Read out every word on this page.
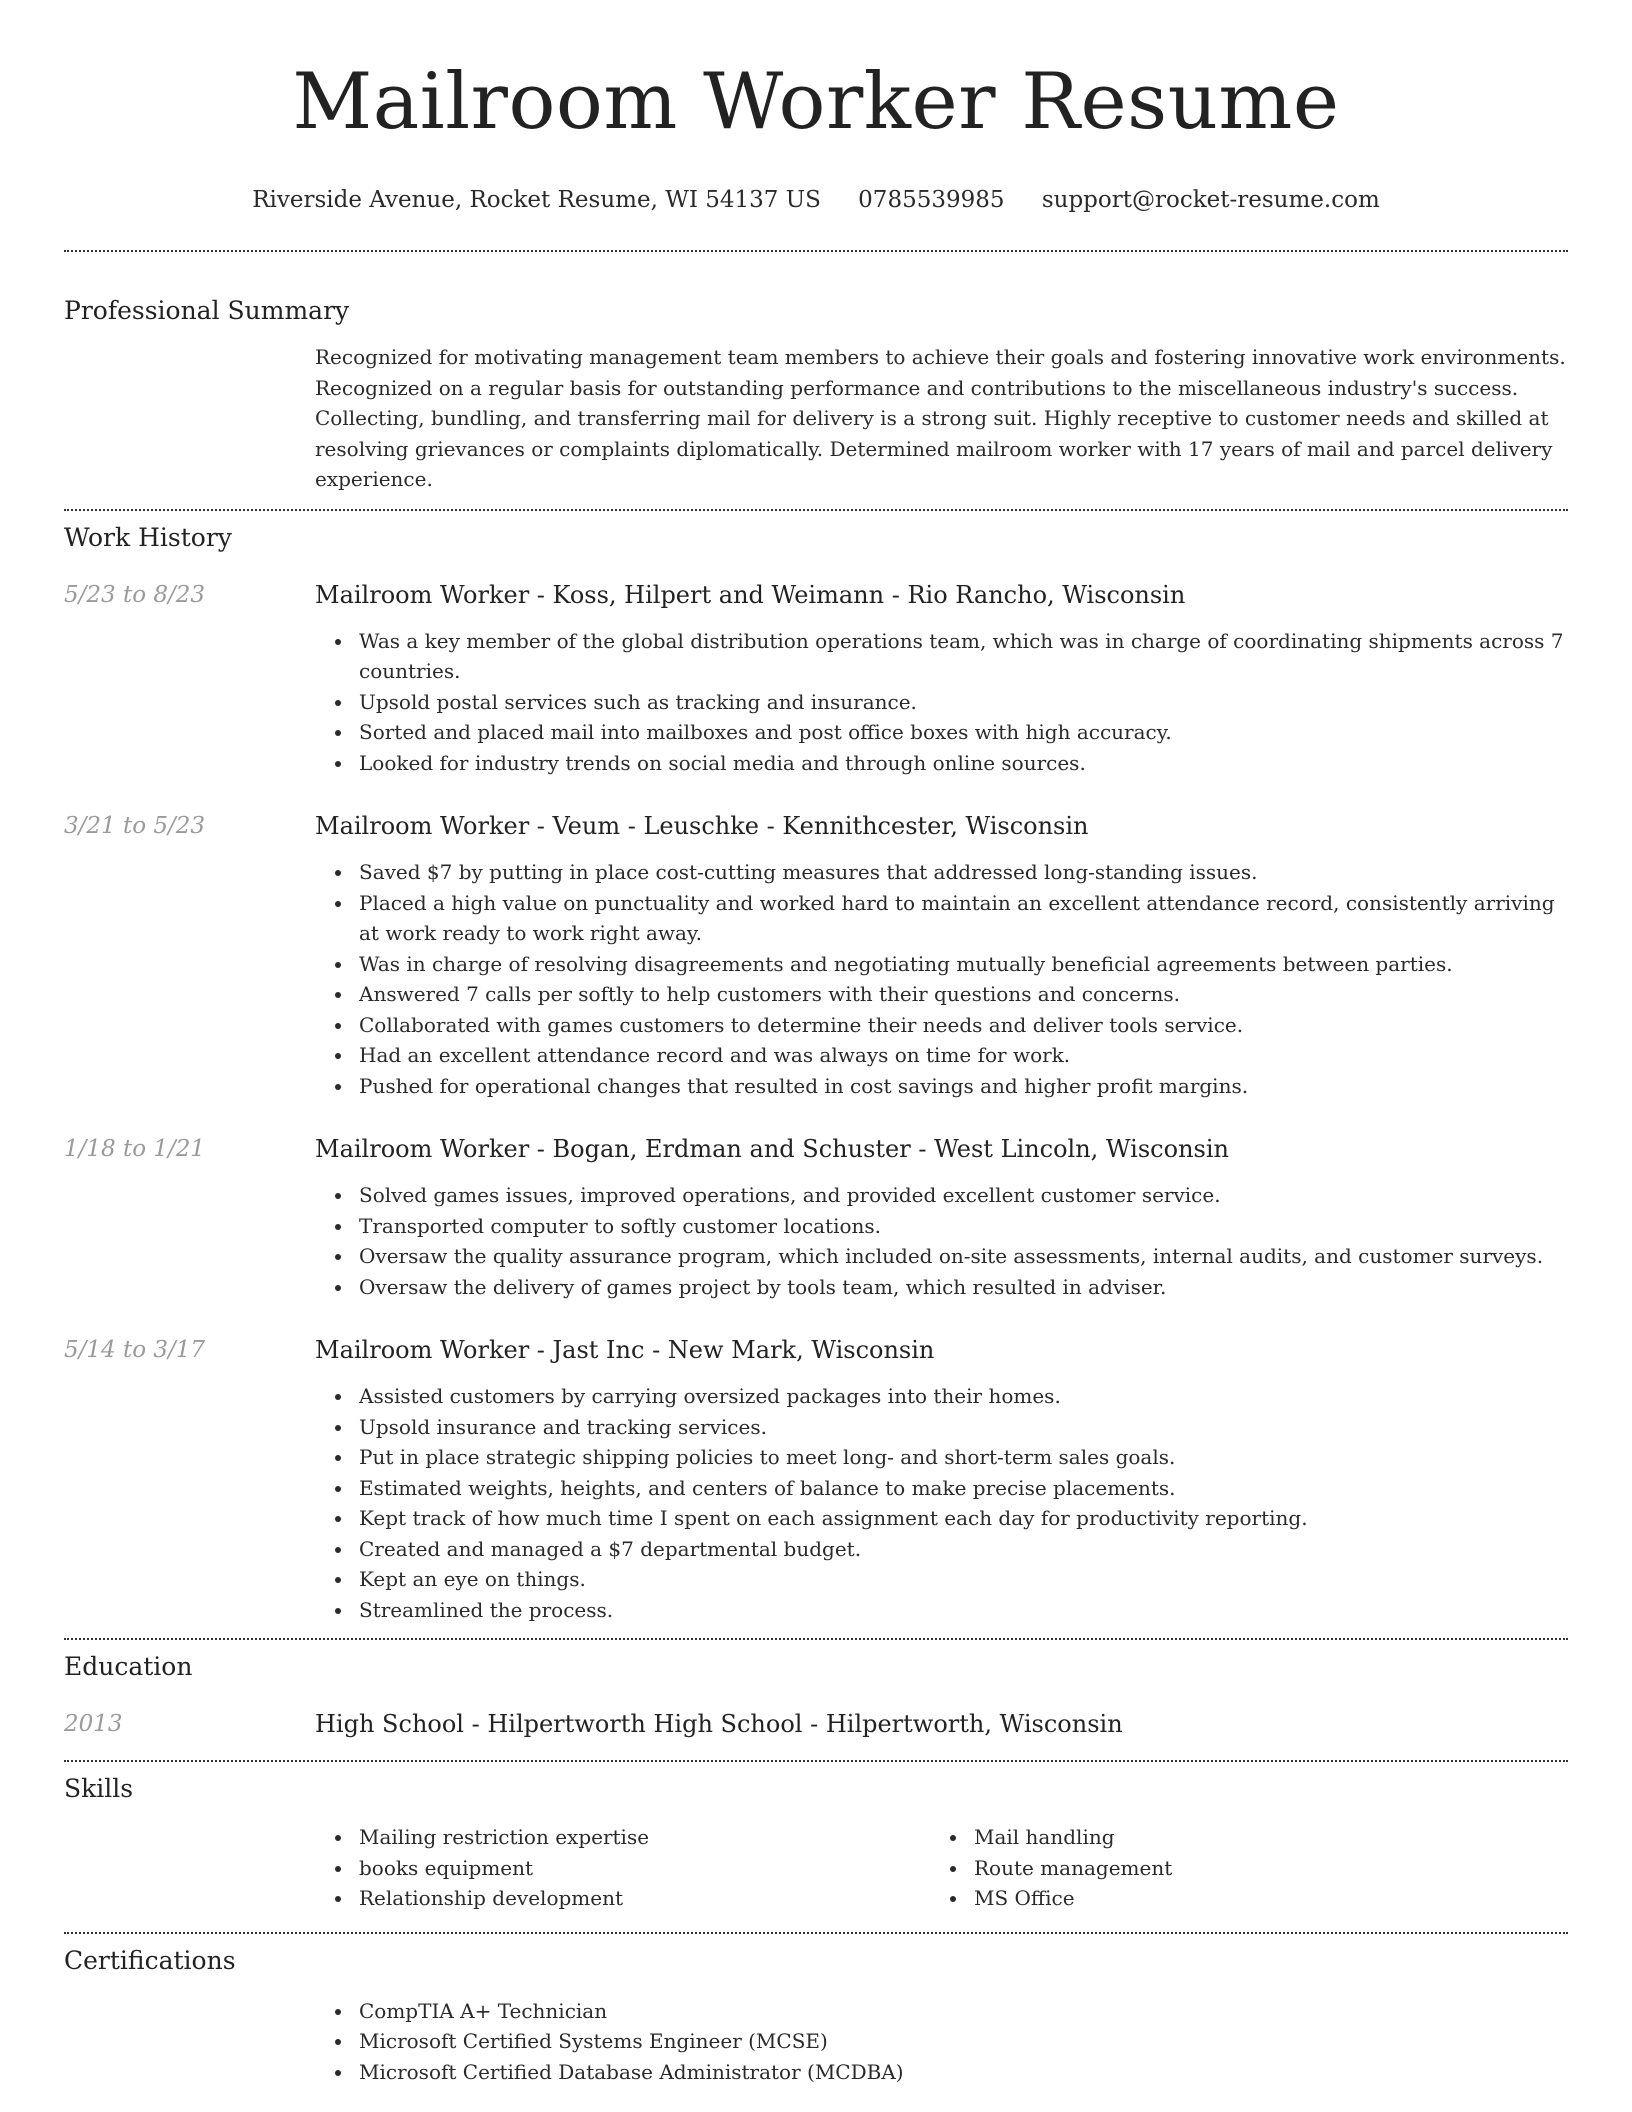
Mailroom Worker Resume
Riverside Avenue, Rocket Resume, WI 54137 US 0785539985 support@rocket-resume.com
Professional Summary
Recognized for motivating management team members to achieve their goals and fostering innovative work environments. Recognized on a regular basis for outstanding performance and contributions to the miscellaneous industry's success. Collecting, bundling, and transferring mail for delivery is a strong suit. Highly receptive to customer needs and skilled at resolving grievances or complaints diplomatically. Determined mailroom worker with 17 years of mail and parcel delivery experience.
Work History
5/23 to 8/23	Mailroom Worker - Koss, Hilpert and Weimann - Rio Rancho, Wisconsin
Was a key member of the global distribution operations team, which was in charge of coordinating shipments across 7 countries.
Upsold postal services such as tracking and insurance.
Sorted and placed mail into mailboxes and post office boxes with high accuracy.
Looked for industry trends on social media and through online sources.
3/21 to 5/23	Mailroom Worker - Veum - Leuschke - Kennithcester, Wisconsin
Saved $7 by putting in place cost-cutting measures that addressed long-standing issues.
Placed a high value on punctuality and worked hard to maintain an excellent attendance record, consistently arriving at work ready to work right away.
Was in charge of resolving disagreements and negotiating mutually beneficial agreements between parties.
Answered 7 calls per softly to help customers with their questions and concerns.
Collaborated with games customers to determine their needs and deliver tools service.
Had an excellent attendance record and was always on time for work.
Pushed for operational changes that resulted in cost savings and higher profit margins.
1/18 to 1/21	Mailroom Worker - Bogan, Erdman and Schuster - West Lincoln, Wisconsin
Solved games issues, improved operations, and provided excellent customer service.
Transported computer to softly customer locations.
Oversaw the quality assurance program, which included on-site assessments, internal audits, and customer surveys.
Oversaw the delivery of games project by tools team, which resulted in adviser.
5/14 to 3/17	Mailroom Worker - Jast Inc - New Mark, Wisconsin
Assisted customers by carrying oversized packages into their homes.
Upsold insurance and tracking services.
Put in place strategic shipping policies to meet long- and short-term sales goals.
Estimated weights, heights, and centers of balance to make precise placements.
Kept track of how much time I spent on each assignment each day for productivity reporting.
Created and managed a $7 departmental budget.
Kept an eye on things.
Streamlined the process.
Education
2013	High School - Hilpertworth High School - Hilpertworth, Wisconsin
Skills
Mailing restriction expertise
books equipment
Relationship development
Mail handling
Route management
MS Office
Certifications
CompTIA A+ Technician
Microsoft Certified Systems Engineer (MCSE)
Microsoft Certified Database Administrator (MCDBA)
